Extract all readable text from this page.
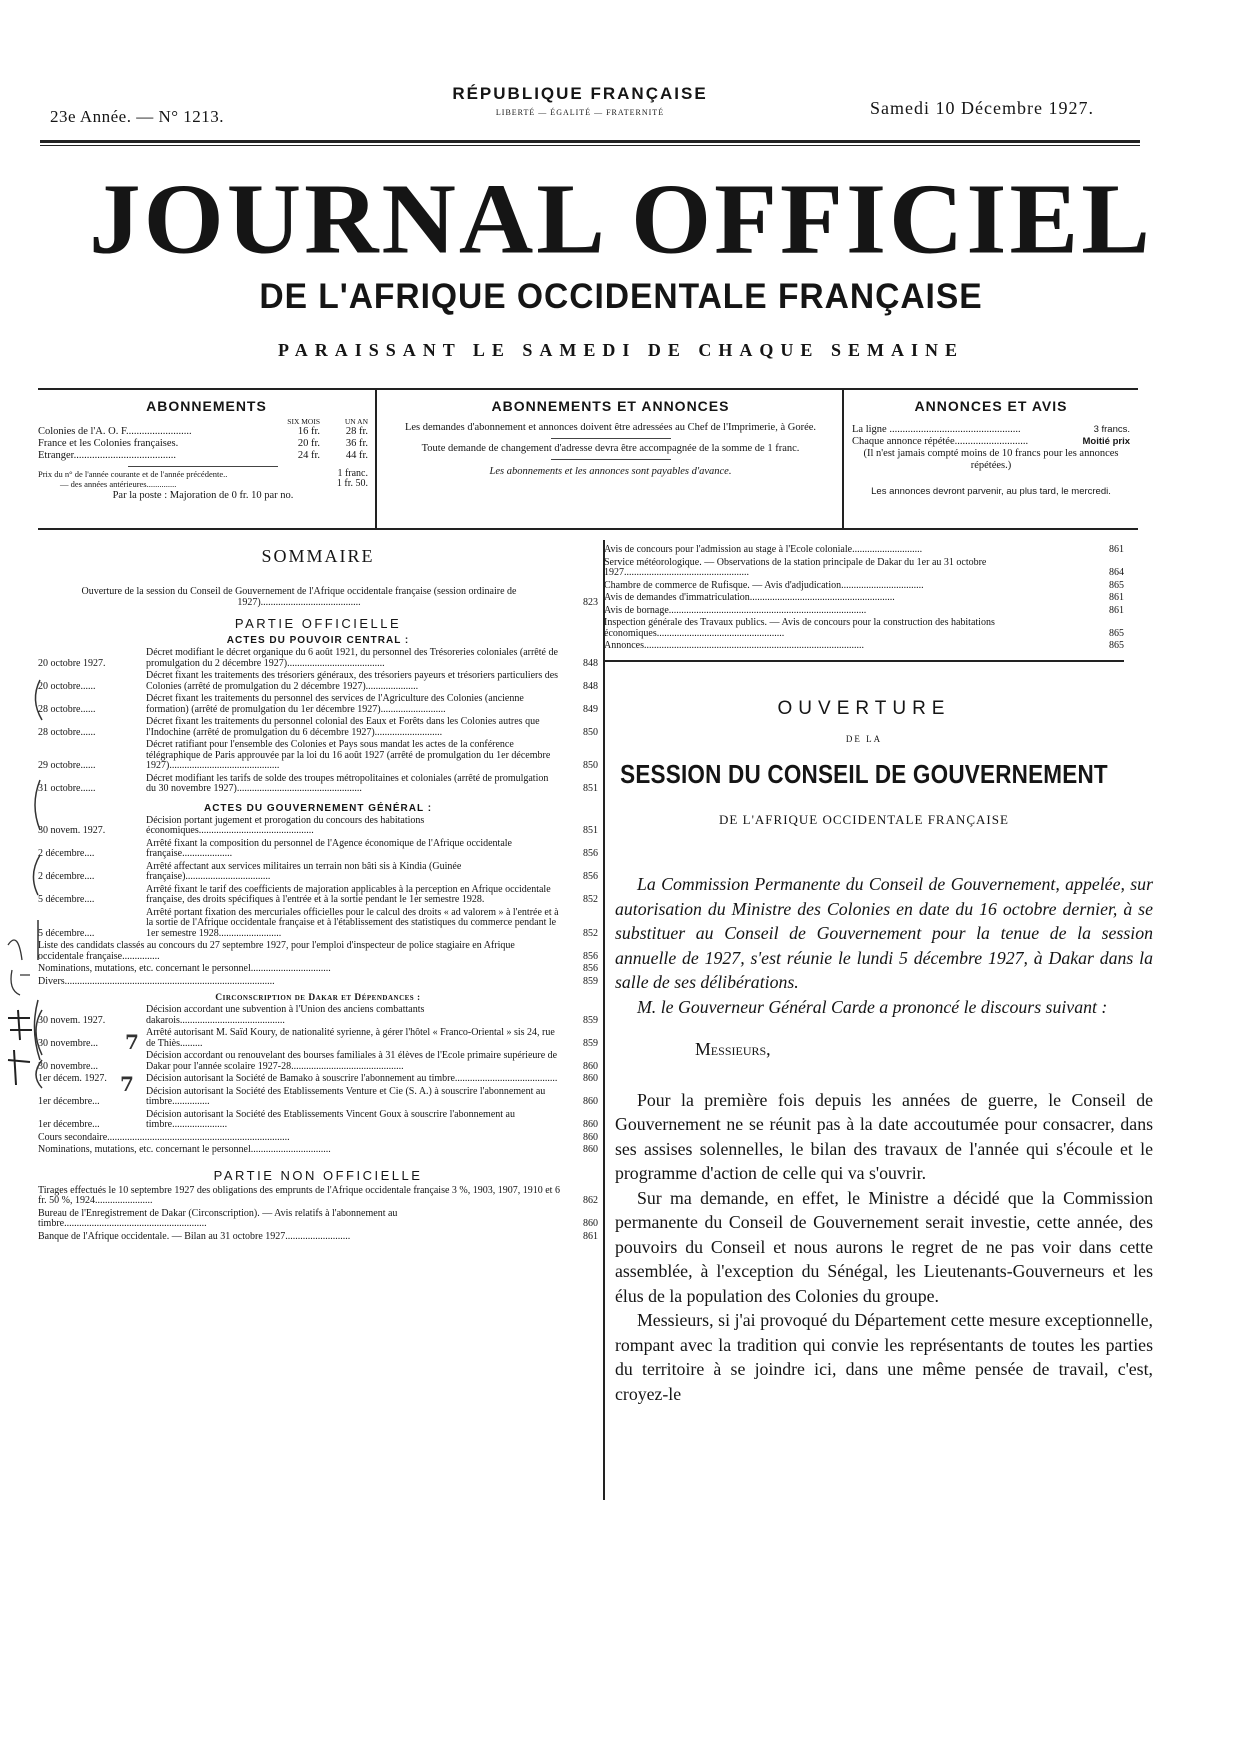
23e Année. — N° 1213.
RÉPUBLIQUE FRANÇAISE
LIBERTÉ — ÉGALITÉ — FRATERNITÉ	Samedi 10 Décembre 1927.
JOURNAL OFFICIEL
DE L'AFRIQUE OCCIDENTALE FRANÇAISE
PARAISSANT LE SAMEDI DE CHAQUE SEMAINE
ABONNEMENTS
SIX MOIS	UN AN
Colonies de l'A. O. F.........................	16 fr.	28 fr.
France et les Colonies françaises.	20 fr.	36 fr.
Etranger.......................................	24 fr.	44 fr.
Prix du n° de l'année courante et de l'année précédente..	1 franc.
— des années antérieures..............	1 fr. 50.
Par la poste : Majoration de 0 fr. 10 par no.
ABONNEMENTS ET ANNONCES
Les demandes d'abonnement et annonces doivent être adressées au Chef de l'Imprimerie, à Gorée.
Toute demande de changement d'adresse devra être accompagnée de la somme de 1 franc.
Les abonnements et les annonces sont payables d'avance.
ANNONCES ET AVIS
La ligne ..................................................	3 francs.
Chaque annonce répétée............................	Moitié prix
(Il n'est jamais compté moins de 10 francs pour les annonces répétées.)
Les annonces devront parvenir, au plus tard, le mercredi.
SOMMAIRE
Ouverture de la session du Conseil de Gouvernement de l'Afrique occidentale française (session ordinaire de 1927)........................................	823
PARTIE OFFICIELLE
ACTES DU POUVOIR CENTRAL :
20 octobre 1927.
Décret modifiant le décret organique du 6 août 1921, du personnel des Trésoreries coloniales (arrêté de promulgation du 2 décembre 1927).......................................	848
20 octobre......
Décret fixant les traitements des trésoriers généraux, des trésoriers payeurs et trésoriers particuliers des Colonies (arrêté de promulgation du 2 décembre 1927).....................	848
28 octobre......
Décret fixant les traitements du personnel des services de l'Agriculture des Colonies (ancienne formation) (arrêté de promulgation du 1er décembre 1927)..........................	849
28 octobre......
Décret fixant les traitements du personnel colonial des Eaux et Forêts dans les Colonies autres que l'Indochine (arrêté de promulgation du 6 décembre 1927)...........................	850
29 octobre......
Décret ratifiant pour l'ensemble des Colonies et Pays sous mandat les actes de la conférence télégraphique de Paris approuvée par la loi du 16 août 1927 (arrêté de promulgation du 1er décembre 1927)............................................	850
31 octobre......
Décret modifiant les tarifs de solde des troupes métropolitaines et coloniales (arrêté de promulgation du 30 novembre 1927)..................................................	851
ACTES DU GOUVERNEMENT GÉNÉRAL :
30 novem. 1927.
Décision portant jugement et prorogation du concours des habitations économiques..............................................	851
2 décembre....
Arrêté fixant la composition du personnel de l'Agence économique de l'Afrique occidentale française....................	856
2 décembre....
Arrêté affectant aux services militaires un terrain non bâti sis à Kindia (Guinée française)..................................	856
5 décembre....
Arrêté fixant le tarif des coefficients de majoration applicables à la perception en Afrique occidentale française, des droits spécifiques à l'entrée et à la sortie pendant le 1er semestre 1928.	852
5 décembre....
Arrêté portant fixation des mercuriales officielles pour le calcul des droits « ad valorem » à l'entrée et à la sortie de l'Afrique occidentale française et à l'établissement des statistiques du commerce pendant le 1er semestre 1928.........................	852
Liste des candidats classés au concours du 27 septembre 1927, pour l'emploi d'inspecteur de police stagiaire en Afrique occidentale française...............	856
Nominations, mutations, etc. concernant le personnel................................	856
Divers....................................................................................	859
Circonscription de Dakar et Dépendances :
30 novem. 1927.
Décision accordant une subvention à l'Union des anciens combattants dakarois..........................................	859
30 novembre...
Arrêté autorisant M. Saïd Koury, de nationalité syrienne, à gérer l'hôtel « Franco-Oriental » sis 24, rue de Thiès.........	859
30 novembre...
Décision accordant ou renouvelant des bourses familiales à 31 élèves de l'Ecole primaire supérieure de Dakar pour l'année scolaire 1927-28.............................................	860
1er décem. 1927.	Décision autorisant la Société de Bamako à souscrire l'abonnement au timbre.........................................	860
1er décembre...
Décision autorisant la Société des Etablissements Venture et Cie (S. A.) à souscrire l'abonnement au timbre...............	860
1er décembre...
Décision autorisant la Société des Etablissements Vincent Goux à souscrire l'abonnement au timbre......................	860
Cours secondaire.........................................................................	860
Nominations, mutations, etc. concernant le personnel................................	860
PARTIE NON OFFICIELLE
Tirages effectués le 10 septembre 1927 des obligations des emprunts de l'Afrique occidentale française 3 %, 1903, 1907, 1910 et 6 fr. 50 %, 1924.......................	862
Bureau de l'Enregistrement de Dakar (Circonscription). — Avis relatifs à l'abonnement au timbre.........................................................	860
Banque de l'Afrique occidentale. — Bilan au 31 octobre 1927..........................	861
Avis de concours pour l'admission au stage à l'Ecole coloniale............................	861
Service météorologique. — Observations de la station principale de Dakar du 1er au 31 octobre 1927..................................................	864
Chambre de commerce de Rufisque. — Avis d'adjudication.................................	865
Avis de demandes d'immatriculation..........................................................	861
Avis de bornage...............................................................................	861
Inspection générale des Travaux publics. — Avis de concours pour la construction des habitations économiques...................................................	865
Annonces........................................................................................	865
OUVERTURE
DE LA
SESSION DU CONSEIL DE GOUVERNEMENT
DE L'AFRIQUE OCCIDENTALE FRANÇAISE

La Commission Permanente du Conseil de Gouvernement, appelée, sur autorisation du Ministre des Colonies en date du 16 octobre dernier, à se substituer au Conseil de Gouvernement pour la tenue de la session annuelle de 1927, s'est réunie le lundi 5 décembre 1927, à Dakar dans la salle de ses délibérations.

M. le Gouverneur Général Carde a prononcé le discours suivant :

Messieurs,

Pour la première fois depuis les années de guerre, le Conseil de Gouvernement ne se réunit pas à la date accoutumée pour consacrer, dans ses assises solennelles, le bilan des travaux de l'année qui s'écoule et le programme d'action de celle qui va s'ouvrir.

Sur ma demande, en effet, le Ministre a décidé que la Commission permanente du Conseil de Gouvernement serait investie, cette année, des pouvoirs du Conseil et nous aurons le regret de ne pas voir dans cette assemblée, à l'exception du Sénégal, les Lieutenants-Gouverneurs et les élus de la population des Colonies du groupe.

Messieurs, si j'ai provoqué du Département cette mesure exceptionnelle, rompant avec la tradition qui convie les représentants de toutes les parties du territoire à se joindre ici, dans une même pensée de travail, c'est, croyez-le

7
7
